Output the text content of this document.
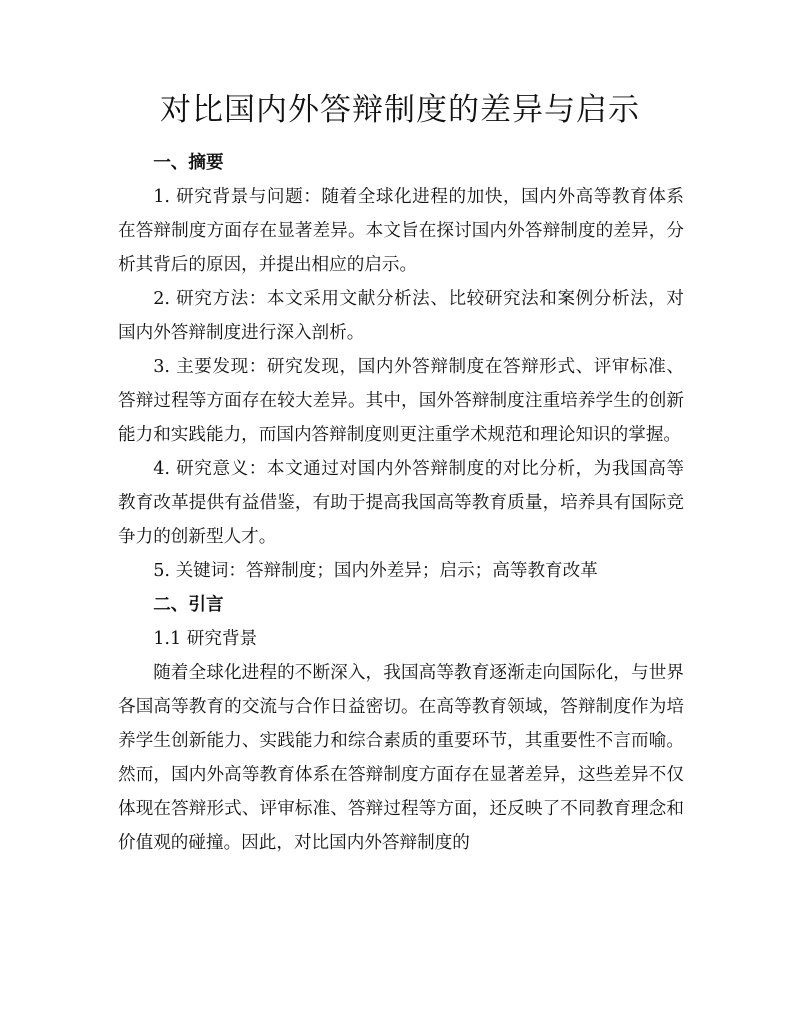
对比国内外答辩制度的差异与启示
一、摘要

1. 研究背景与问题：随着全球化进程的加快，国内外高等教育体系在答辩制度方面存在显著差异。本文旨在探讨国内外答辩制度的差异，分析其背后的原因，并提出相应的启示。

2. 研究方法：本文采用文献分析法、比较研究法和案例分析法，对国内外答辩制度进行深入剖析。

3. 主要发现：研究发现，国内外答辩制度在答辩形式、评审标准、答辩过程等方面存在较大差异。其中，国外答辩制度注重培养学生的创新能力和实践能力，而国内答辩制度则更注重学术规范和理论知识的掌握。

4. 研究意义：本文通过对国内外答辩制度的对比分析，为我国高等教育改革提供有益借鉴，有助于提高我国高等教育质量，培养具有国际竞争力的创新型人才。

5. 关键词：答辩制度；国内外差异；启示；高等教育改革

二、引言

1.1 研究背景

随着全球化进程的不断深入，我国高等教育逐渐走向国际化，与世界各国高等教育的交流与合作日益密切。在高等教育领域，答辩制度作为培养学生创新能力、实践能力和综合素质的重要环节，其重要性不言而喻。然而，国内外高等教育体系在答辩制度方面存在显著差异，这些差异不仅体现在答辩形式、评审标准、答辩过程等方面，还反映了不同教育理念和价值观的碰撞。因此，对比国内外答辩制度的
